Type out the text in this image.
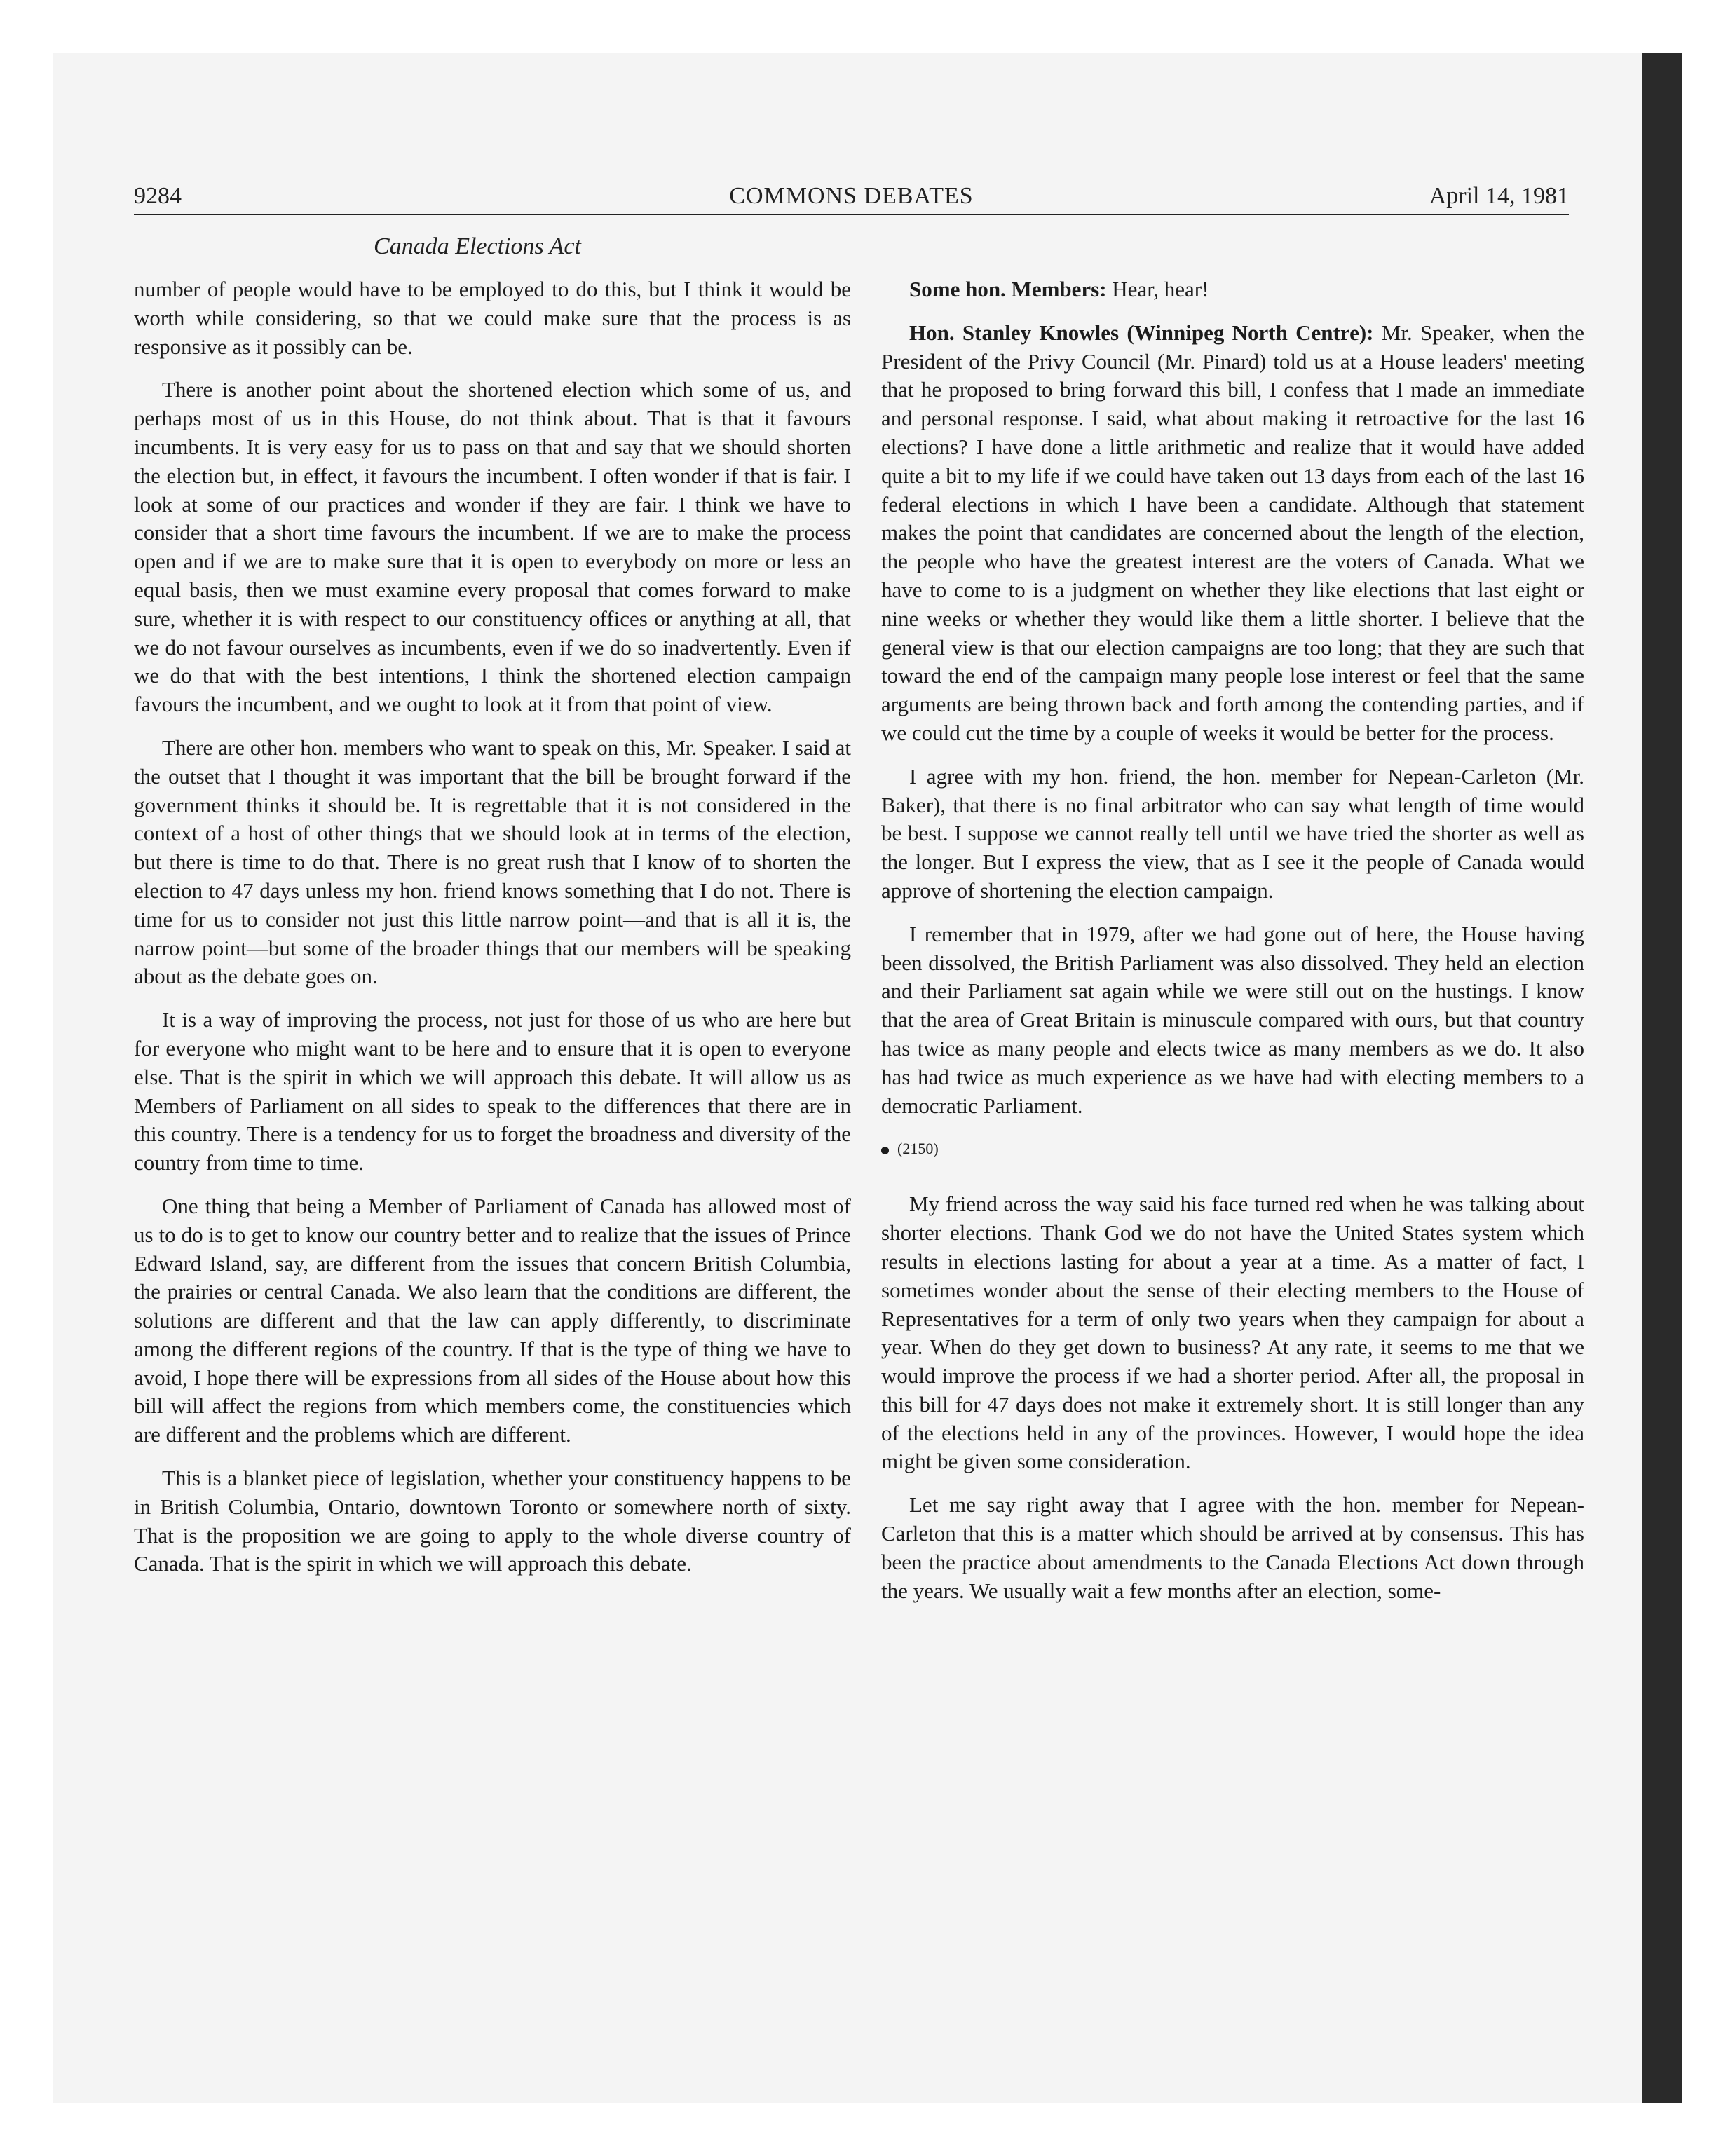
9284	COMMONS DEBATES	April 14, 1981
Canada Elections Act

number of people would have to be employed to do this, but I think it would be worth while considering, so that we could make sure that the process is as responsive as it possibly can be.

There is another point about the shortened election which some of us, and perhaps most of us in this House, do not think about. That is that it favours incumbents. It is very easy for us to pass on that and say that we should shorten the election but, in effect, it favours the incumbent. I often wonder if that is fair. I look at some of our practices and wonder if they are fair. I think we have to consider that a short time favours the incumbent. If we are to make the process open and if we are to make sure that it is open to everybody on more or less an equal basis, then we must examine every proposal that comes forward to make sure, whether it is with respect to our constituency offices or anything at all, that we do not favour ourselves as incumbents, even if we do so inadvertently. Even if we do that with the best intentions, I think the shortened election campaign favours the incumbent, and we ought to look at it from that point of view.

There are other hon. members who want to speak on this, Mr. Speaker. I said at the outset that I thought it was important that the bill be brought forward if the government thinks it should be. It is regrettable that it is not considered in the context of a host of other things that we should look at in terms of the election, but there is time to do that. There is no great rush that I know of to shorten the election to 47 days unless my hon. friend knows something that I do not. There is time for us to consider not just this little narrow point—and that is all it is, the narrow point—but some of the broader things that our members will be speaking about as the debate goes on.

It is a way of improving the process, not just for those of us who are here but for everyone who might want to be here and to ensure that it is open to everyone else. That is the spirit in which we will approach this debate. It will allow us as Members of Parliament on all sides to speak to the differences that there are in this country. There is a tendency for us to forget the broadness and diversity of the country from time to time.

One thing that being a Member of Parliament of Canada has allowed most of us to do is to get to know our country better and to realize that the issues of Prince Edward Island, say, are different from the issues that concern British Columbia, the prairies or central Canada. We also learn that the conditions are different, the solutions are different and that the law can apply differently, to discriminate among the different regions of the country. If that is the type of thing we have to avoid, I hope there will be expressions from all sides of the House about how this bill will affect the regions from which members come, the constituencies which are different and the problems which are different.

This is a blanket piece of legislation, whether your constituency happens to be in British Columbia, Ontario, downtown Toronto or somewhere north of sixty. That is the proposition we are going to apply to the whole diverse country of Canada. That is the spirit in which we will approach this debate.

Some hon. Members: Hear, hear!

Hon. Stanley Knowles (Winnipeg North Centre): Mr. Speaker, when the President of the Privy Council (Mr. Pinard) told us at a House leaders' meeting that he proposed to bring forward this bill, I confess that I made an immediate and personal response. I said, what about making it retroactive for the last 16 elections? I have done a little arithmetic and realize that it would have added quite a bit to my life if we could have taken out 13 days from each of the last 16 federal elections in which I have been a candidate. Although that statement makes the point that candidates are concerned about the length of the election, the people who have the greatest interest are the voters of Canada. What we have to come to is a judgment on whether they like elections that last eight or nine weeks or whether they would like them a little shorter. I believe that the general view is that our election campaigns are too long; that they are such that toward the end of the campaign many people lose interest or feel that the same arguments are being thrown back and forth among the contending parties, and if we could cut the time by a couple of weeks it would be better for the process.

I agree with my hon. friend, the hon. member for Nepean-Carleton (Mr. Baker), that there is no final arbitrator who can say what length of time would be best. I suppose we cannot really tell until we have tried the shorter as well as the longer. But I express the view, that as I see it the people of Canada would approve of shortening the election campaign.

I remember that in 1979, after we had gone out of here, the House having been dissolved, the British Parliament was also dissolved. They held an election and their Parliament sat again while we were still out on the hustings. I know that the area of Great Britain is minuscule compared with ours, but that country has twice as many people and elects twice as many members as we do. It also has had twice as much experience as we have had with electing members to a democratic Parliament.

(2150)

My friend across the way said his face turned red when he was talking about shorter elections. Thank God we do not have the United States system which results in elections lasting for about a year at a time. As a matter of fact, I sometimes wonder about the sense of their electing members to the House of Representatives for a term of only two years when they campaign for about a year. When do they get down to business? At any rate, it seems to me that we would improve the process if we had a shorter period. After all, the proposal in this bill for 47 days does not make it extremely short. It is still longer than any of the elections held in any of the provinces. However, I would hope the idea might be given some consideration.

Let me say right away that I agree with the hon. member for Nepean-Carleton that this is a matter which should be arrived at by consensus. This has been the practice about amendments to the Canada Elections Act down through the years. We usually wait a few months after an election, some-
